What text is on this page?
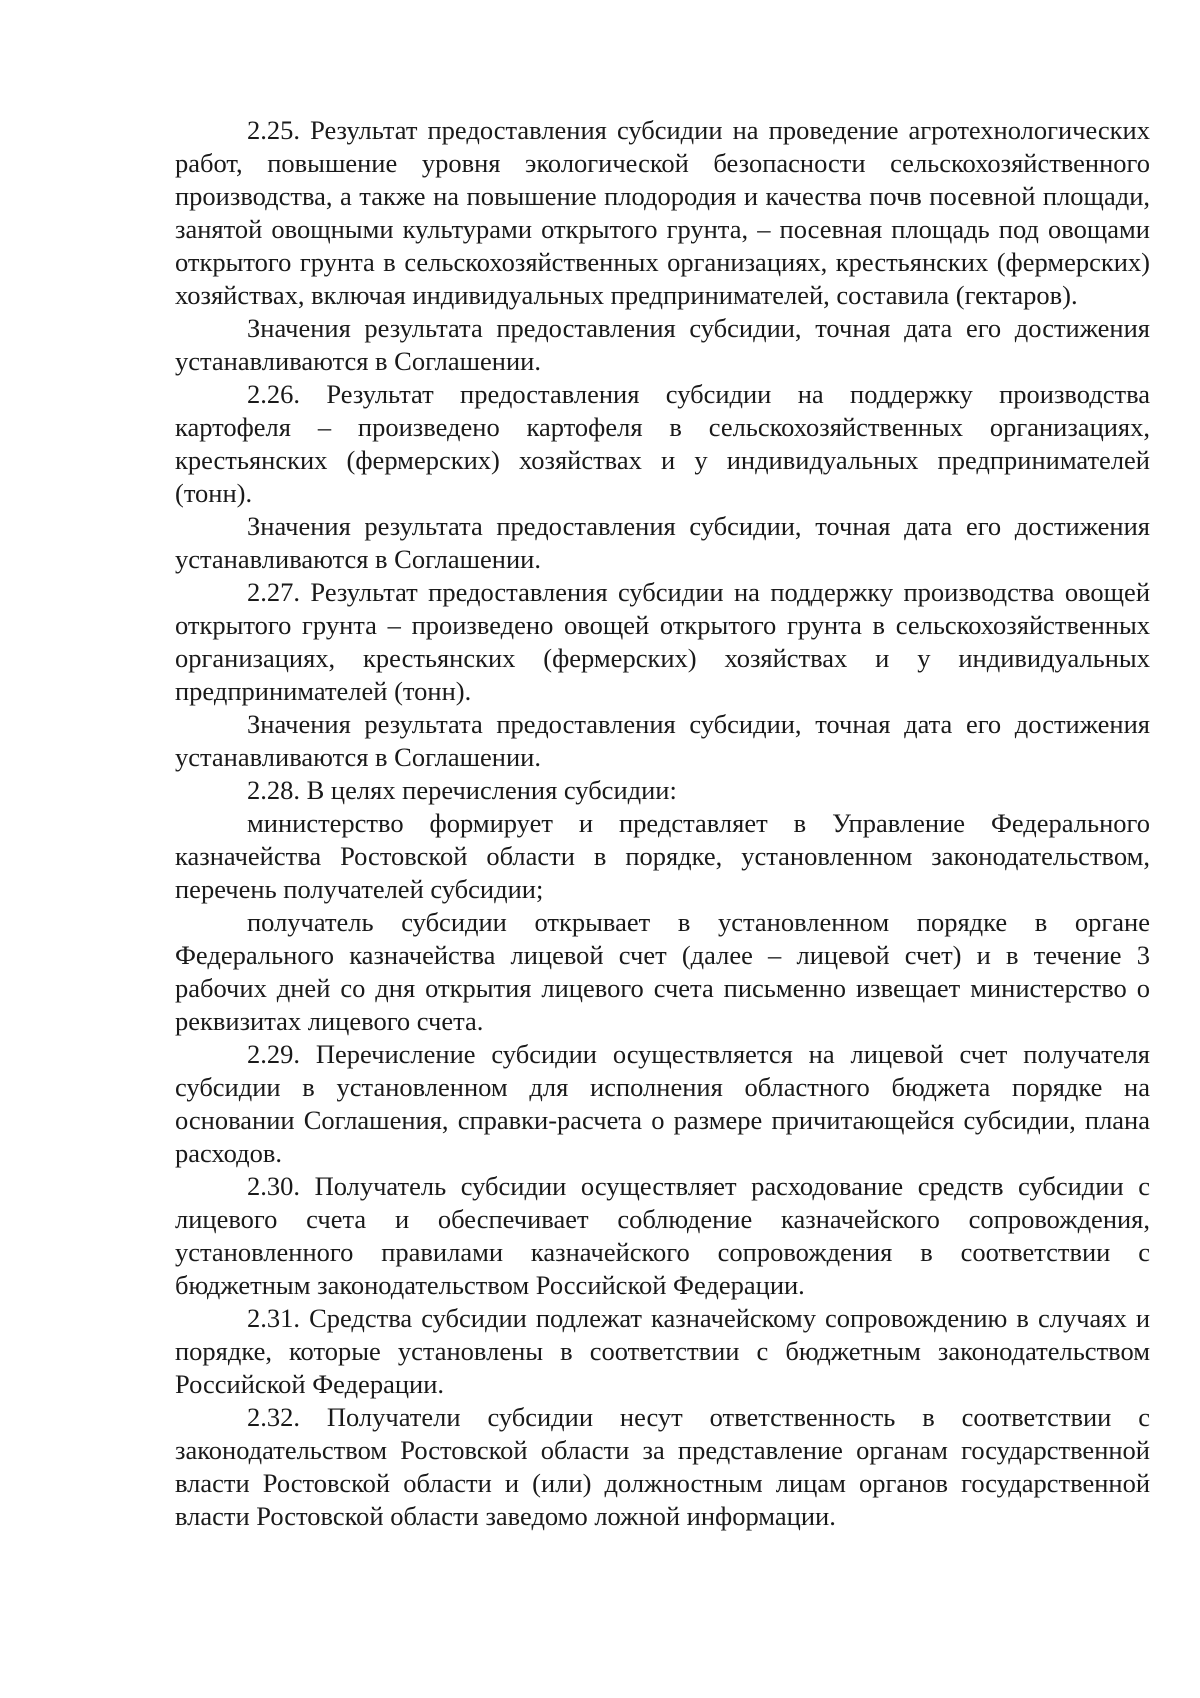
2.25. Результат предоставления субсидии на проведение агротехнологических работ, повышение уровня экологической безопасности сельскохозяйственного производства, а также на повышение плодородия и качества почв посевной площади, занятой овощными культурами открытого грунта, – посевная площадь под овощами открытого грунта в сельскохозяйственных организациях, крестьянских (фермерских) хозяйствах, включая индивидуальных предпринимателей, составила (гектаров).

Значения результата предоставления субсидии, точная дата его достижения устанавливаются в Соглашении.

2.26. Результат предоставления субсидии на поддержку производства картофеля – произведено картофеля в сельскохозяйственных организациях, крестьянских (фермерских) хозяйствах и у индивидуальных предпринимателей (тонн).

Значения результата предоставления субсидии, точная дата его достижения устанавливаются в Соглашении.

2.27. Результат предоставления субсидии на поддержку производства овощей открытого грунта – произведено овощей открытого грунта в сельскохозяйственных организациях, крестьянских (фермерских) хозяйствах и у индивидуальных предпринимателей (тонн).

Значения результата предоставления субсидии, точная дата его достижения устанавливаются в Соглашении.

2.28. В целях перечисления субсидии:

министерство формирует и представляет в Управление Федерального казначейства Ростовской области в порядке, установленном законодательством, перечень получателей субсидии;

получатель субсидии открывает в установленном порядке в органе Федерального казначейства лицевой счет (далее – лицевой счет) и в течение 3 рабочих дней со дня открытия лицевого счета письменно извещает министерство о реквизитах лицевого счета.

2.29. Перечисление субсидии осуществляется на лицевой счет получателя субсидии в установленном для исполнения областного бюджета порядке на основании Соглашения, справки-расчета о размере причитающейся субсидии, плана расходов.

2.30. Получатель субсидии осуществляет расходование средств субсидии с лицевого счета и обеспечивает соблюдение казначейского сопровождения, установленного правилами казначейского сопровождения в соответствии с бюджетным законодательством Российской Федерации.

2.31. Средства субсидии подлежат казначейскому сопровождению в случаях и порядке, которые установлены в соответствии с бюджетным законодательством Российской Федерации.

2.32. Получатели субсидии несут ответственность в соответствии с законодательством Ростовской области за представление органам государственной власти Ростовской области и (или) должностным лицам органов государственной власти Ростовской области заведомо ложной информации.
